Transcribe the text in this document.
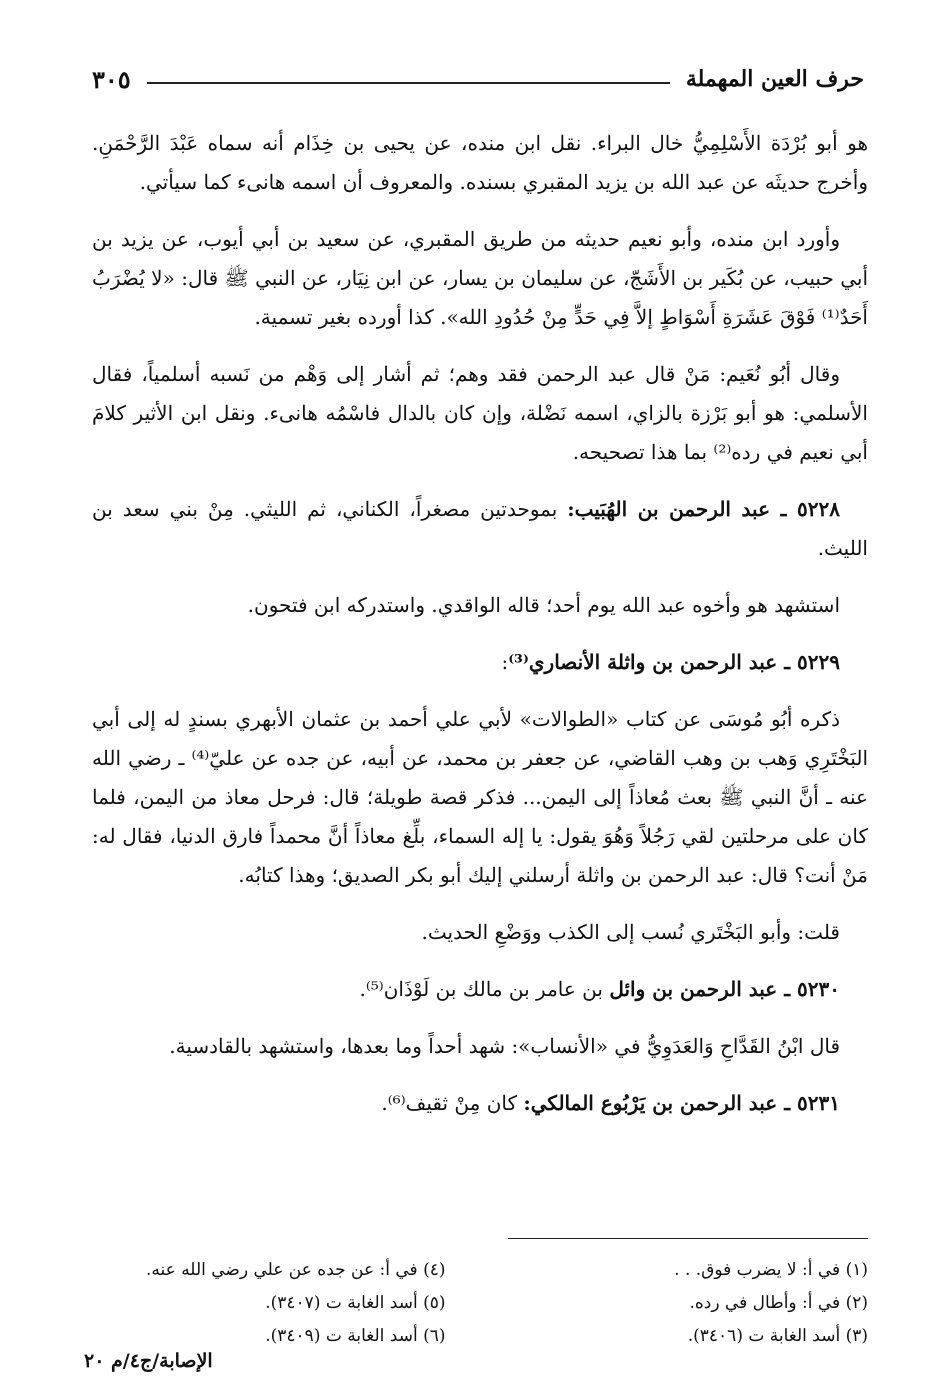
حرف العين المهملة
٣٠٥

هو أبو بُرْدَة الأَسْلِمِيُّ خال البراء. نقل ابن منده، عن يحيى بن خِذَام أنه سماه عَبْدَ الرَّحْمَنِ. وأخرج حديثَه عن عبد الله بن يزيد المقبري بسنده. والمعروف أن اسمه هانىء كما سيأتي.

وأورد ابن منده، وأبو نعيم حديثه من طريق المقبري، عن سعيد بن أبي أيوب، عن يزيد بن أبي حبيب، عن بُكَير بن الأَشَجّ، عن سليمان بن يسار، عن ابن نِيَار، عن النبي ﷺ قال: «لا يُضْرَبُ أَحَدٌ⁽¹⁾ فَوْقَ عَشَرَةِ أَسْوَاطٍ إلاَّ فِي حَدٍّ مِنْ حُدُودِ الله». كذا أورده بغير تسمية.

وقال أبُو نُعَيم: مَنْ قال عبد الرحمن فقد وهم؛ ثم أشار إلى وَهْم من نَسبه أسلمياً، فقال الأسلمي: هو أبو بَرْزة بالزاي، اسمه نَضْلة، وإن كان بالدال فاسْمُه هانىء. ونقل ابن الأثير كلامَ أبي نعيم في رده⁽²⁾ بما هذا تصحيحه.

٥٢٢٨ ـ عبد الرحمن بن الهُبَيب: بموحدتين مصغراً، الكناني، ثم الليثي. مِنْ بني سعد بن الليث.

استشهد هو وأخوه عبد الله يوم أحد؛ قاله الواقدي. واستدركه ابن فتحون.

٥٢٢٩ ـ عبد الرحمن بن واثلة الأنصاري⁽³⁾:

ذكره أبُو مُوسَى عن كتاب «الطوالات» لأبي علي أحمد بن عثمان الأبهري بسندٍ له إلى أبي البَخْتَرِي وَهب بن وهب القاضي، عن جعفر بن محمد، عن أبيه، عن جده عن عليّ⁽⁴⁾ ـ رضي الله عنه ـ أنَّ النبي ﷺ بعث مُعاذاً إلى اليمن... فذكر قصة طويلة؛ قال: فرحل معاذ من اليمن، فلما كان على مرحلتين لقي رَجُلاً وَهُوَ يقول: يا إله السماء، بلِّغ معاذاً أنَّ محمداً فارق الدنيا، فقال له: مَنْ أنت؟ قال: عبد الرحمن بن واثلة أرسلني إليك أبو بكر الصديق؛ وهذا كتابُه.

قلت: وأبو البَخْتَري نُسب إلى الكذب ووَضْعِ الحديث.

٥٢٣٠ ـ عبد الرحمن بن وائل بن عامر بن مالك بن لَوْذَان⁽⁵⁾.

قال ابْنُ القَدَّاحِ وَالعَدَوِيُّ في «الأنساب»: شهد أحداً وما بعدها، واستشهد بالقادسية.

٥٢٣١ ـ عبد الرحمن بن يَرْبُوع المالكي: كان مِنْ ثقيف⁽⁶⁾.

(١) في أ: لا يضرب فوق. . .
(٢) في أ: وأطال في رده.
(٣) أسد الغابة ت (٣٤٠٦).
(٤) في أ: عن جده عن علي رضي الله عنه.
(٥) أسد الغابة ت (٣٤٠٧).
(٦) أسد الغابة ت (٣٤٠٩).
الإصابة/ج٤/م ٢٠
